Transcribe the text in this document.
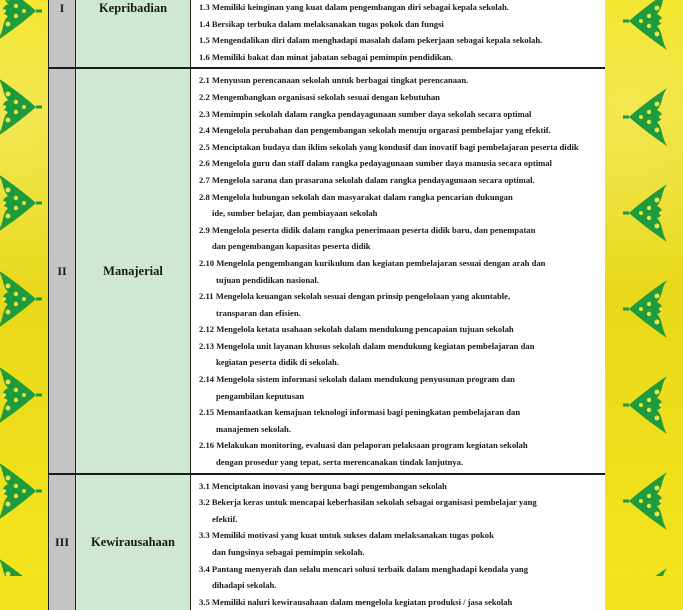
I	Kepribadian	1.3 Memiliki keinginan yang kuat dalam pengembangan diri sebagai kepala sekolah.
1.4 Bersikap terbuka dalam melaksanakan tugas pokok dan fungsi
1.5 Mengendalikan diri dalam menghadapi masalah dalam pekerjaan sebagai kepala sekolah.
1.6 Memiliki bakat dan minat jabatan sebagai pemimpin pendidikan.
II	Manajerial
2.1 Menyusun perencanaan sekolah untuk berbagai tingkat perencanaan.
2.2 Mengembangkan organisasi sekolah sesuai dengan kebutuhan
2.3 Memimpin sekolah dalam rangka pendayagunaan sumber daya sekolah secara optimal
2.4 Mengelola perubahan dan pengembangan sekolah menuju orgarasi pembelajar yang efektif.
2.5 Menciptakan budaya dan iklim sekolah yang kondusif dan inovatif bagi pembelajaran peserta didik
2.6 Mengelola guru dan staff dalam rangka pedayagunaan sumber daya manusia secara optimal
2.7 Mengelola sarana dan prasarana sekolah dalam rangka pendayagunaan secara optimal.
2.8 Mengelola hubungan sekolah dan masyarakat dalam rangka pencarian dukungan
ide, sumber belajar, dan pembiayaan sekolah
2.9 Mengelola peserta didik dalam rangka penerimaan peserta didik baru, dan penempatan
dan pengembangan kapasitas peserta didik
2.10 Mengelola pengembangan kurikulum dan kegiatan pembelajaran sesuai dengan arah dan
tujuan pendidikan nasional.
2.11 Mengelola keuangan sekolah sesuai dengan prinsip pengelolaan yang akuntable,
transparan dan efisien.
2.12 Mengelola ketata usahaan sekolah dalam mendukung pencapaian tujuan sekolah
2.13 Mengelola unit layanan khusus sekolah dalam mendukung kegiatan pembelajaran dan
kegiatan peserta didik di sekolah.
2.14 Mengelola sistem informasi sekolah dalam mendukung penyusunan program dan
pengambilan keputusan
2.15 Memanfaatkan kemajuan teknologi informasi bagi peningkatan pembelajaran dan
manajemen sekolah.
2.16 Melakukan monitoring, evaluasi dan pelaporan pelaksaan program kegiatan sekolah
dengan prosedur yang tepat, serta merencanakan tindak lanjutnya.
III	Kewirausahaan
3.1 Menciptakan inovasi yang berguna bagi pengembangan sekolah
3.2 Bekerja keras untuk mencapai keberhasilan sekolah sebagai organisasi pembelajar yang
efektif.
3.3 Memiliki motivasi yang kuat untuk sukses dalam melaksanakan tugas pokok
dan fungsinya sebagai pemimpin sekolah.
3.4 Pantang menyerah dan selalu mencari solusi terbaik dalam menghadapi kendala yang
dihadapi sekolah.
3.5 Memiliki naluri kewirausahaan dalam mengelola kegiatan produksi / jasa sekolah
